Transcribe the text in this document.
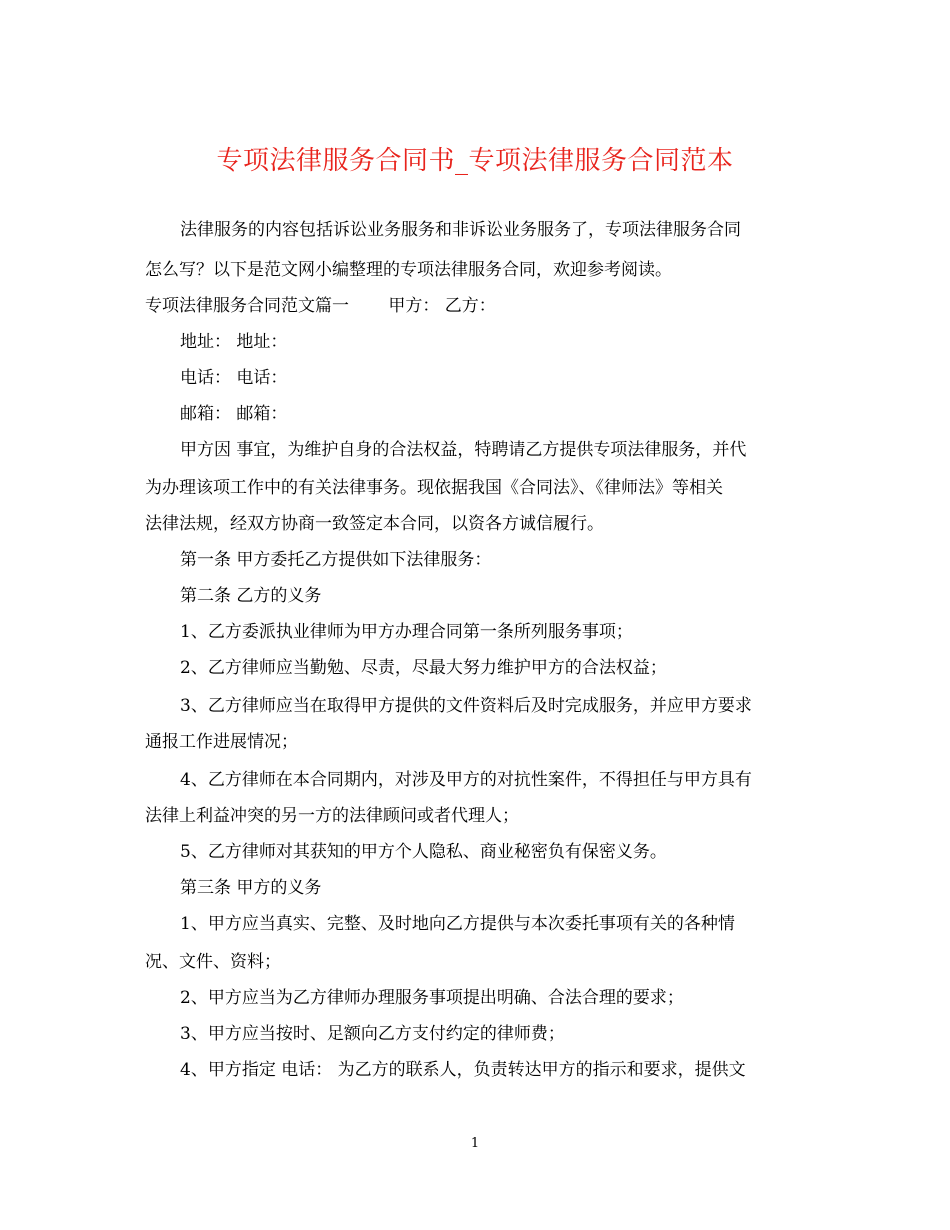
专项法律服务合同书_专项法律服务合同范本
法律服务的内容包括诉讼业务服务和非诉讼业务服务了，专项法律服务合同
怎么写？以下是范文网小编整理的专项法律服务合同，欢迎参考阅读。
专项法律服务合同范文篇一　　 甲方： 乙方：
地址： 地址：
电话： 电话：
邮箱： 邮箱：
甲方因 事宜，为维护自身的合法权益，特聘请乙方提供专项法律服务，并代
为办理该项工作中的有关法律事务。现依据我国《合同法》、《律师法》等相关
法律法规，经双方协商一致签定本合同，以资各方诚信履行。
第一条 甲方委托乙方提供如下法律服务：
第二条 乙方的义务
1、乙方委派执业律师为甲方办理合同第一条所列服务事项；
2、乙方律师应当勤勉、尽责，尽最大努力维护甲方的合法权益；
3、乙方律师应当在取得甲方提供的文件资料后及时完成服务，并应甲方要求
通报工作进展情况；
4、乙方律师在本合同期内，对涉及甲方的对抗性案件，不得担任与甲方具有
法律上利益冲突的另一方的法律顾问或者代理人；
5、乙方律师对其获知的甲方个人隐私、商业秘密负有保密义务。
第三条 甲方的义务
1、甲方应当真实、完整、及时地向乙方提供与本次委托事项有关的各种情
况、文件、资料；
2、甲方应当为乙方律师办理服务事项提出明确、合法合理的要求；
3、甲方应当按时、足额向乙方支付约定的律师费；
4、甲方指定 电话： 为乙方的联系人，负责转达甲方的指示和要求，提供文
1
